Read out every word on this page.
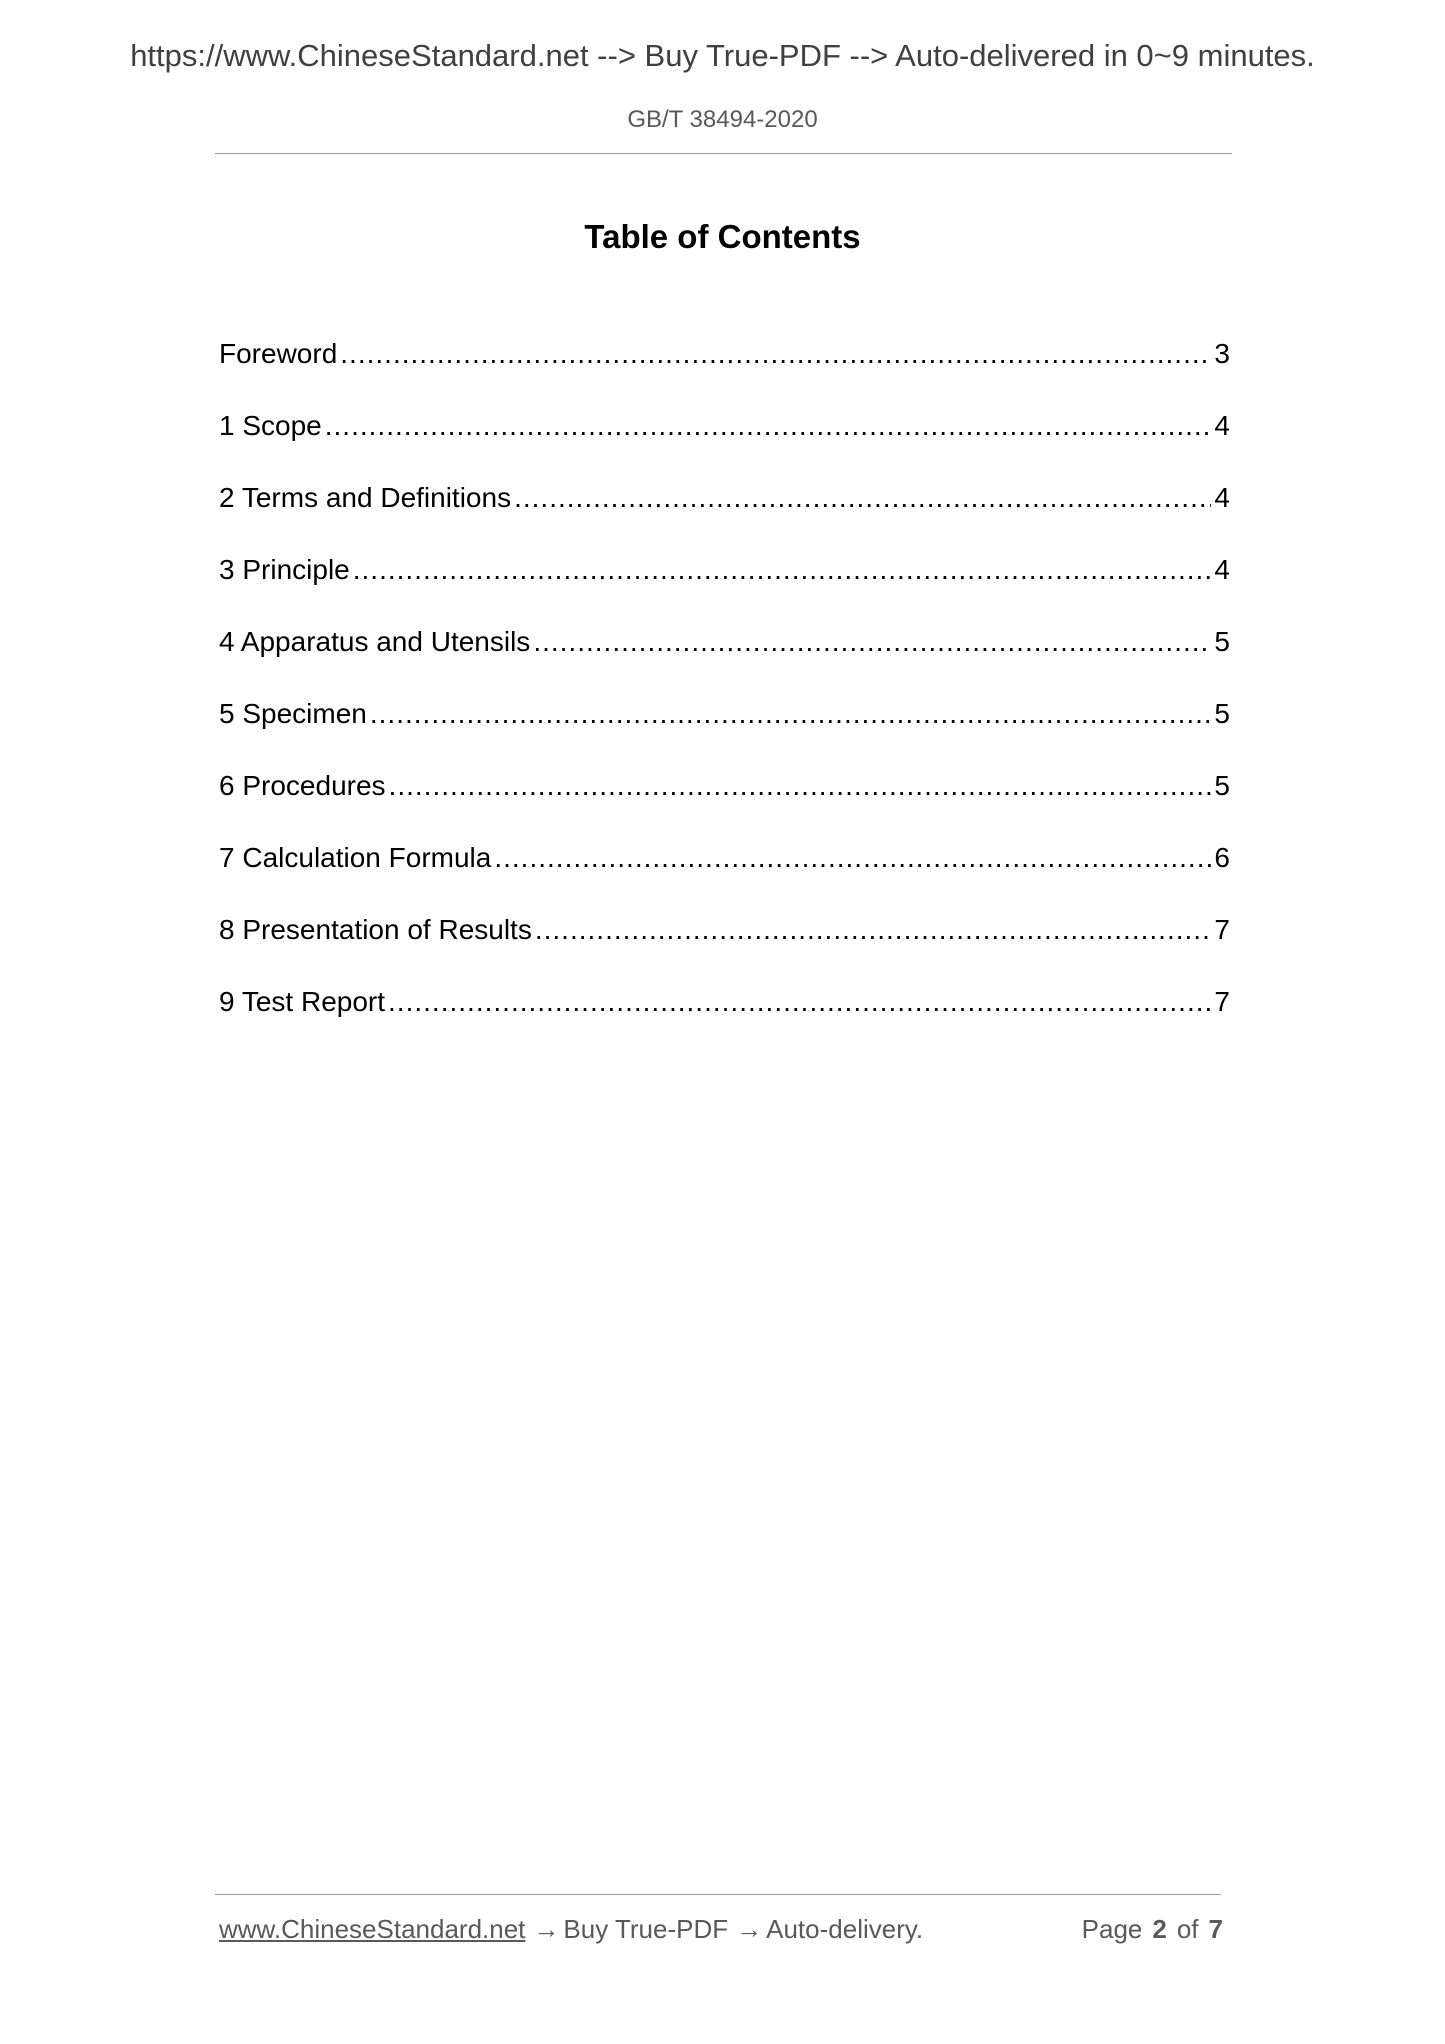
https://www.ChineseStandard.net --> Buy True-PDF --> Auto-delivered in 0~9 minutes.
GB/T 38494-2020
Table of Contents
Foreword .....	3
1 Scope .....	4
2 Terms and Definitions .....	4
3 Principle .....	4
4 Apparatus and Utensils .....	5
5 Specimen .....	5
6 Procedures .....	5
7 Calculation Formula .....	6
8 Presentation of Results .....	7
9 Test Report .....	7
www.ChineseStandard.net → Buy True-PDF → Auto-delivery.	Page 2 of 7
